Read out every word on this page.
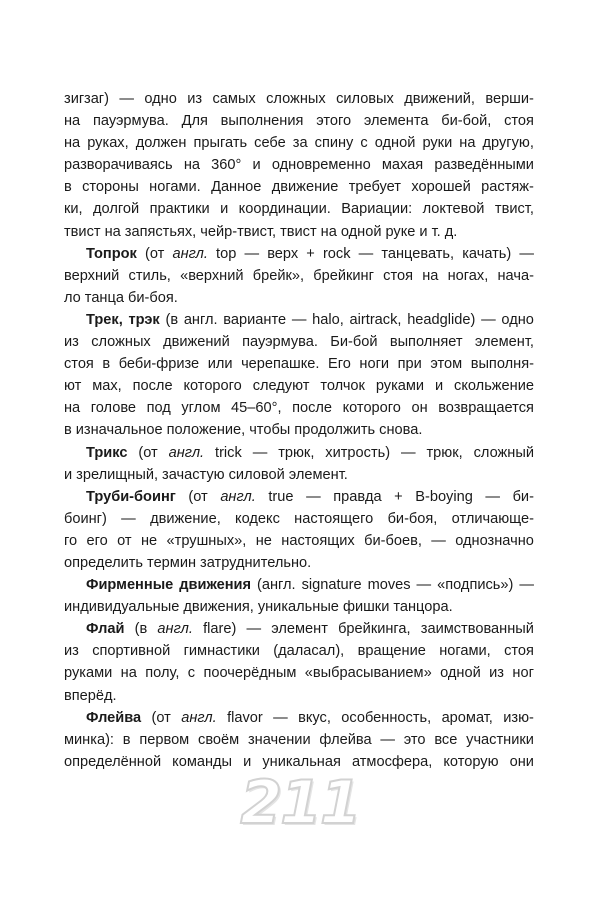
зигзаг) — одно из самых сложных силовых движений, верши-
на пауэрмува. Для выполнения этого элемента би-бой, стоя
на руках, должен прыгать себе за спину с одной руки на другую,
разворачиваясь на 360° и одновременно махая разведёнными
в стороны ногами. Данное движение требует хорошей растяж-
ки, долгой практики и координации. Вариации: локтевой твист,
твист на запястьях, чейр-твист, твист на одной руке и т. д.
Топрок (от англ. top — верх + rock — танцевать, качать) —
верхний стиль, «верхний брейк», брейкинг стоя на ногах, нача-
ло танца би-боя.
Трек, трэк (в англ. варианте — halo, airtrack, headglide) — одно
из сложных движений пауэрмува. Би-бой выполняет элемент,
стоя в беби-фризе или черепашке. Его ноги при этом выполня-
ют мах, после которого следуют толчок руками и скольжение
на голове под углом 45–60°, после которого он возвращается
в изначальное положение, чтобы продолжить снова.
Трикс (от англ. trick — трюк, хитрость) — трюк, сложный
и зрелищный, зачастую силовой элемент.
Труби-боинг (от англ. true — правда + B-boying — би-
боинг) — движение, кодекс настоящего би-боя, отличающе-
го его от не «трушных», не настоящих би-боев, — однозначно
определить термин затруднительно.
Фирменные движения (англ. signature moves — «подпись») —
индивидуальные движения, уникальные фишки танцора.
Флай (в англ. flare) — элемент брейкинга, заимствованный
из спортивной гимнастики (даласал), вращение ногами, стоя
руками на полу, с поочерёдным «выбрасыванием» одной из ног
вперёд.
Флейва (от англ. flavor — вкус, особенность, аромат, изю-
минка): в первом своём значении флейва — это все участники
определённой команды и уникальная атмосфера, которую они
211
